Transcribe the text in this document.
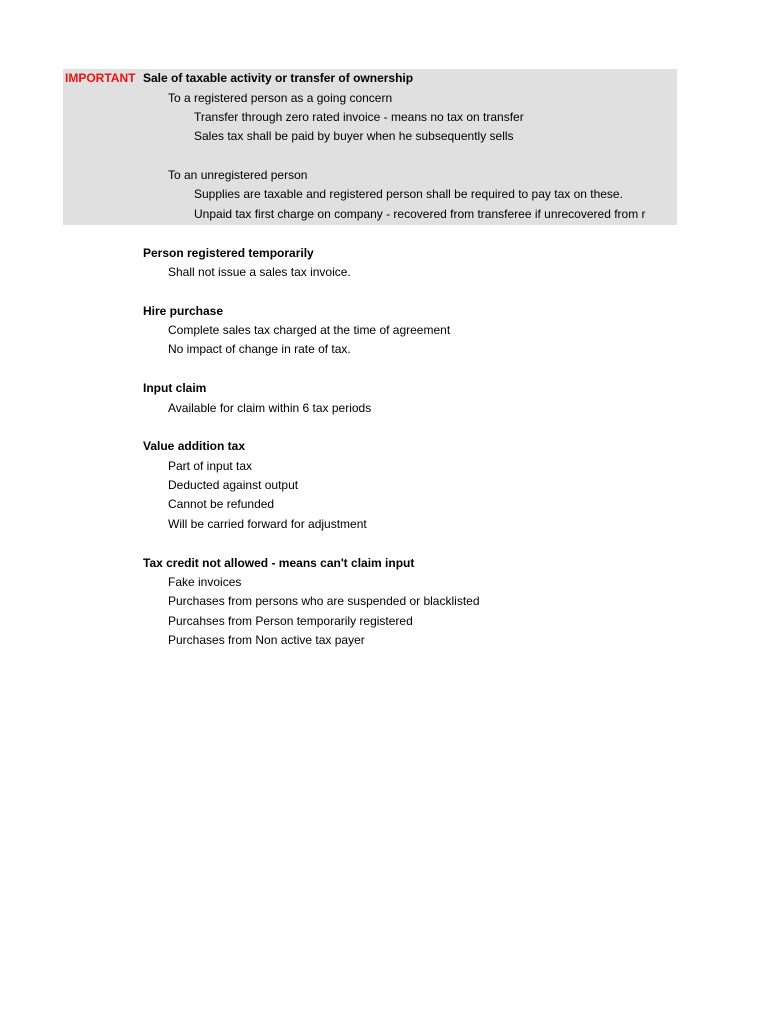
IMPORTANT Sale of taxable activity or transfer of ownership
To a registered person as a going concern
Transfer through zero rated invoice - means no tax on transfer
Sales tax shall be paid by buyer when he subsequently sells
To an unregistered person
Supplies are taxable and registered person shall be required to pay tax on these.
Unpaid tax first charge on company - recovered from transferee if unrecovered from r
Person registered temporarily
Shall not issue a sales tax invoice.
Hire purchase
Complete sales tax charged at the time of agreement
No impact of change in rate of tax.
Input claim
Available for claim within 6 tax periods
Value addition tax
Part of input tax
Deducted against output
Cannot be refunded
Will be carried forward for adjustment
Tax credit not allowed - means can't claim input
Fake invoices
Purchases from persons who are suspended or blacklisted
Purcahses from Person temporarily registered
Purchases from Non active tax payer
